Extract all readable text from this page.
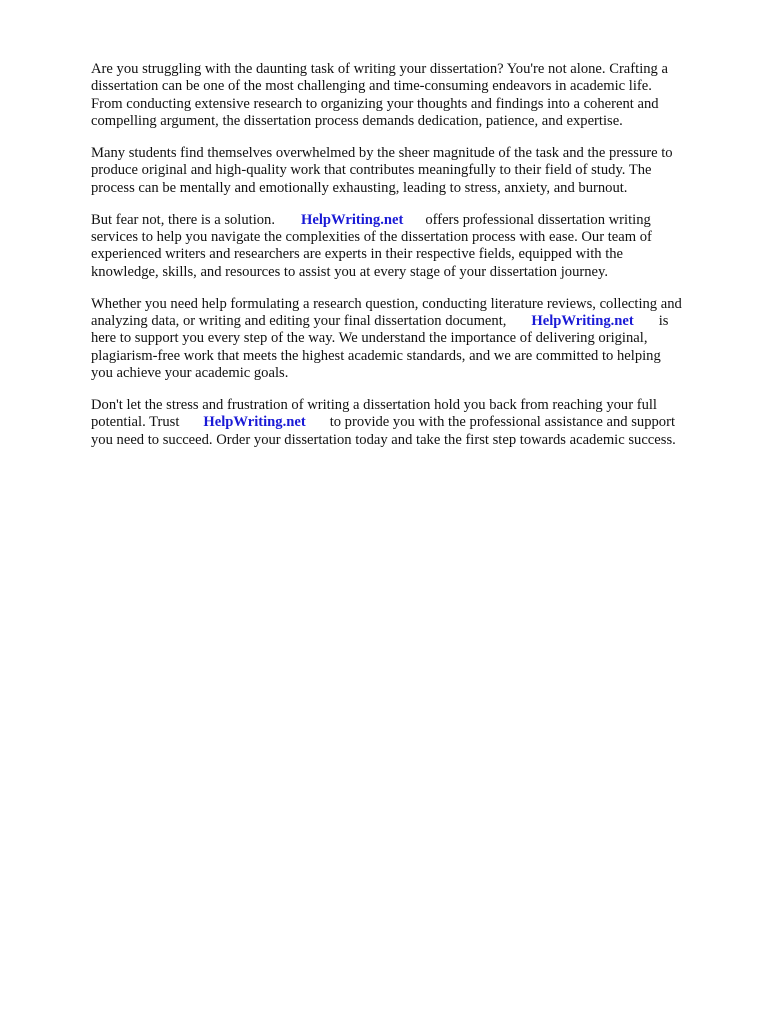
Are you struggling with the daunting task of writing your dissertation? You're not alone. Crafting a
dissertation can be one of the most challenging and time-consuming endeavors in academic life.
From conducting extensive research to organizing your thoughts and findings into a coherent and
compelling argument, the dissertation process demands dedication, patience, and expertise.
Many students find themselves overwhelmed by the sheer magnitude of the task and the pressure to
produce original and high-quality work that contributes meaningfully to their field of study. The
process can be mentally and emotionally exhausting, leading to stress, anxiety, and burnout.
But fear not, there is a solution. HelpWriting.net offers professional dissertation writing
services to help you navigate the complexities of the dissertation process with ease. Our team of
experienced writers and researchers are experts in their respective fields, equipped with the
knowledge, skills, and resources to assist you at every stage of your dissertation journey.
Whether you need help formulating a research question, conducting literature reviews, collecting and
analyzing data, or writing and editing your final dissertation document, HelpWriting.net is
here to support you every step of the way. We understand the importance of delivering original,
plagiarism-free work that meets the highest academic standards, and we are committed to helping
you achieve your academic goals.
Don't let the stress and frustration of writing a dissertation hold you back from reaching your full
potential. Trust HelpWriting.net to provide you with the professional assistance and support
you need to succeed. Order your dissertation today and take the first step towards academic success.
